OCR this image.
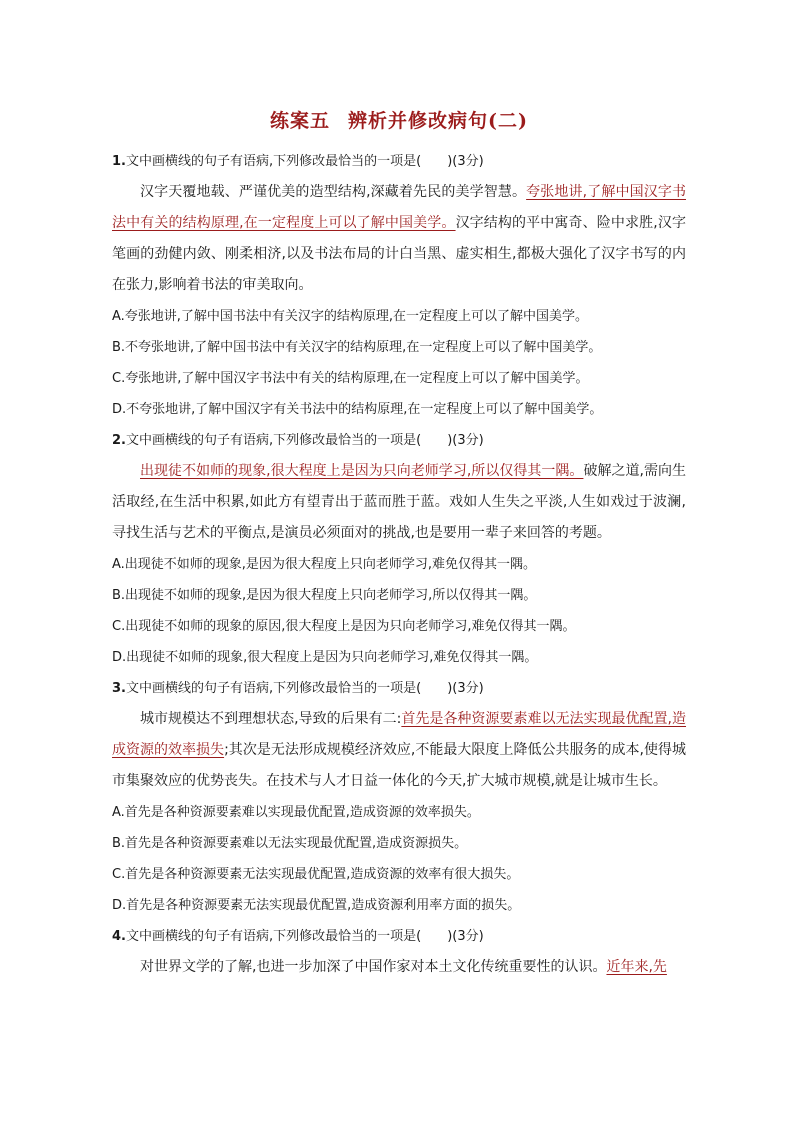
练案五 辨析并修改病句(二)
1.文中画横线的句子有语病,下列修改最恰当的一项是(　　)(3分)

汉字天覆地载、严谨优美的造型结构,深藏着先民的美学智慧。夸张地讲,了解中国汉字书法中有关的结构原理,在一定程度上可以了解中国美学。汉字结构的平中寓奇、险中求胜,汉字笔画的劲健内敛、刚柔相济,以及书法布局的计白当黑、虚实相生,都极大强化了汉字书写的内在张力,影响着书法的审美取向。

A.夸张地讲,了解中国书法中有关汉字的结构原理,在一定程度上可以了解中国美学。
B.不夸张地讲,了解中国书法中有关汉字的结构原理,在一定程度上可以了解中国美学。
C.夸张地讲,了解中国汉字书法中有关的结构原理,在一定程度上可以了解中国美学。
D.不夸张地讲,了解中国汉字有关书法中的结构原理,在一定程度上可以了解中国美学。
2.文中画横线的句子有语病,下列修改最恰当的一项是(　　)(3分)

出现徒不如师的现象,很大程度上是因为只向老师学习,所以仅得其一隅。破解之道,需向生活取经,在生活中积累,如此方有望青出于蓝而胜于蓝。戏如人生失之平淡,人生如戏过于波澜,寻找生活与艺术的平衡点,是演员必须面对的挑战,也是要用一辈子来回答的考题。

A.出现徒不如师的现象,是因为很大程度上只向老师学习,难免仅得其一隅。
B.出现徒不如师的现象,是因为很大程度上只向老师学习,所以仅得其一隅。
C.出现徒不如师的现象的原因,很大程度上是因为只向老师学习,难免仅得其一隅。
D.出现徒不如师的现象,很大程度上是因为只向老师学习,难免仅得其一隅。
3.文中画横线的句子有语病,下列修改最恰当的一项是(　　)(3分)

城市规模达不到理想状态,导致的后果有二:首先是各种资源要素难以无法实现最优配置,造成资源的效率损失;其次是无法形成规模经济效应,不能最大限度上降低公共服务的成本,使得城市集聚效应的优势丧失。在技术与人才日益一体化的今天,扩大城市规模,就是让城市生长。

A.首先是各种资源要素难以实现最优配置,造成资源的效率损失。
B.首先是各种资源要素难以无法实现最优配置,造成资源损失。
C.首先是各种资源要素无法实现最优配置,造成资源的效率有很大损失。
D.首先是各种资源要素无法实现最优配置,造成资源利用率方面的损失。
4.文中画横线的句子有语病,下列修改最恰当的一项是(　　)(3分)

对世界文学的了解,也进一步加深了中国作家对本土文化传统重要性的认识。近年来,先
